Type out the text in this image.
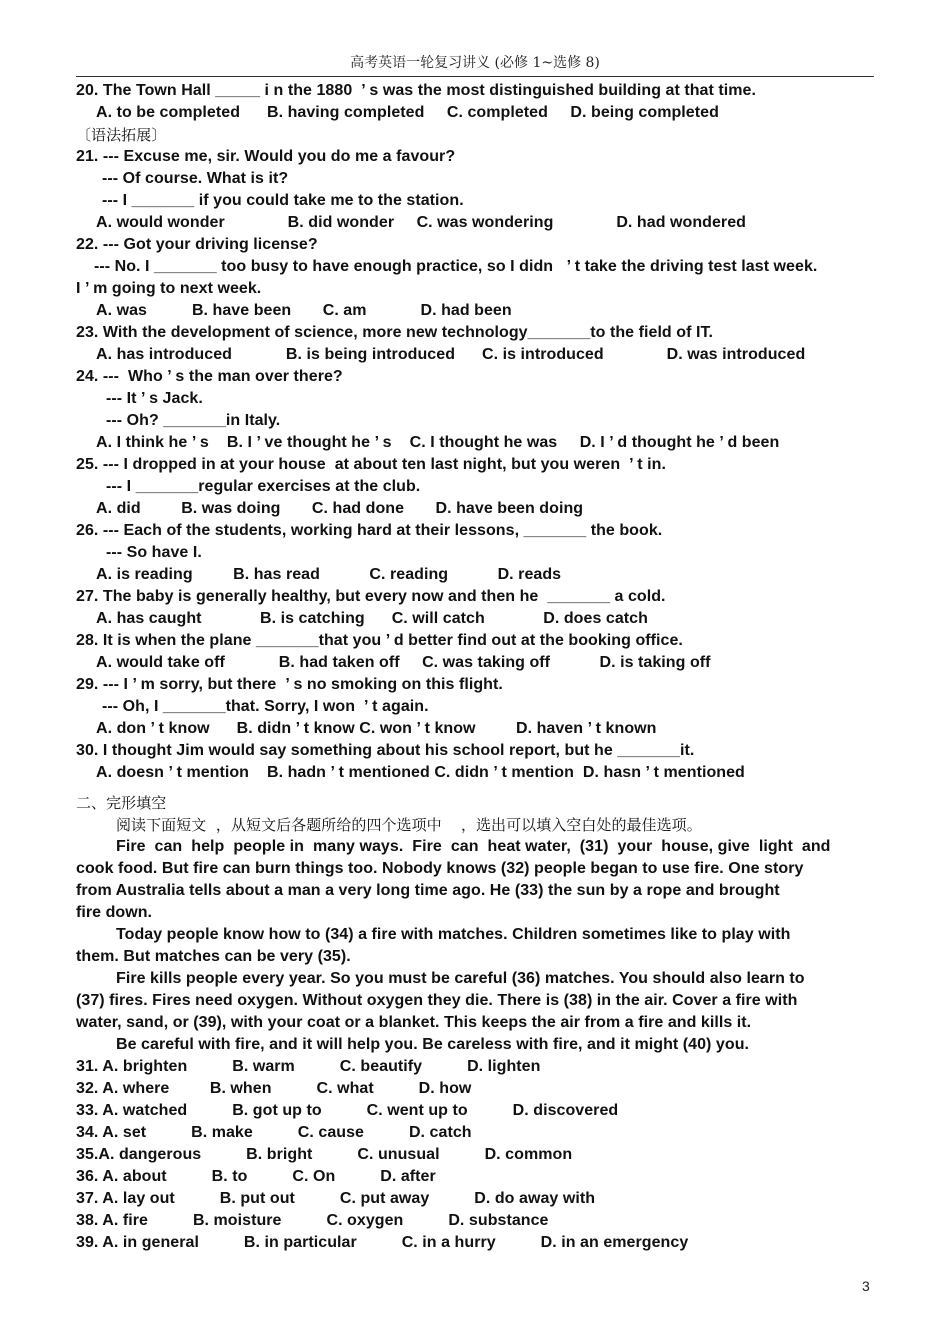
高考英语一轮复习讲义 (必修 1~选修 8)
20. The Town Hall _____ i n the 1880  ’ s was the most distinguished building at that time.
A. to be completed      B. having completed     C. completed     D. being completed
〔语法拓展〕
21. --- Excuse me, sir. Would you do me a favour?
--- Of course. What is it?
--- I _______ if you could take me to the station.
A. would wonder              B. did wonder     C. was wondering              D. had wondered
22. --- Got your driving license?
--- No. I _______ too busy to have enough practice, so I didn   ’ t take the driving test last week.
I ’ m going to next week.
A. was          B. have been       C. am            D. had been
23. With the development of science, more new technology_______to the field of IT.
A. has introduced            B. is being introduced      C. is introduced              D. was introduced
24. ---  Who ’ s the man over there?
--- It ’ s Jack.
--- Oh? _______in Italy.
A. I think he ’ s    B. I ’ ve thought he ’ s    C. I thought he was     D. I ’ d thought he ’ d been
25. --- I dropped in at your house  at about ten last night, but you weren  ’ t in.
--- I _______regular exercises at the club.
A. did         B. was doing       C. had done       D. have been doing
26. --- Each of the students, working hard at their lessons, _______ the book.
--- So have I.
A. is reading         B. has read           C. reading           D. reads
27. The baby is generally healthy, but every now and then he  _______ a cold.
A. has caught             B. is catching      C. will catch             D. does catch
28. It is when the plane _______that you ’ d better find out at the booking office.
A. would take off            B. had taken off     C. was taking off           D. is taking off
29. --- I ’ m sorry, but there  ’ s no smoking on this flight.
--- Oh, I _______that. Sorry, I won  ’ t again.
A. don ’ t know      B. didn ’ t know C. won ’ t know         D. haven ’ t known
30. I thought Jim would say something about his school report, but he _______it.
A. doesn ’ t mention    B. hadn ’ t mentioned C. didn ’ t mention  D. hasn ’ t mentioned
二、完形填空
阅读下面短文  ，从短文后各题所给的四个选项中    ，选出可以填入空白处的最佳选项。
Fire  can  help  people in  many ways.  Fire  can  heat water,  (31)  your  house, give  light  and
cook food. But fire can burn things too. Nobody knows (32) people began to use fire. One story
from Australia tells about a man a very long time ago. He (33) the sun by a rope and brought
fire down.
Today people know how to (34) a fire with matches. Children sometimes like to play with
them. But matches can be very (35).
Fire kills people every year. So you must be careful (36) matches. You should also learn to
(37) fires. Fires need oxygen. Without oxygen they die. There is (38) in the air. Cover a fire with
water, sand, or (39), with your coat or a blanket. This keeps the air from a fire and kills it.
Be careful with fire, and it will help you. Be careless with fire, and it might (40) you.
31. A. brighten          B. warm          C. beautify          D. lighten
32. A. where         B. when          C. what          D. how
33. A. watched          B. got up to          C. went up to          D. discovered
34. A. set          B. make          C. cause          D. catch
35.A. dangerous          B. bright          C. unusual          D. common
36. A. about          B. to          C. On          D. after
37. A. lay out          B. put out          C. put away          D. do away with
38. A. fire          B. moisture          C. oxygen          D. substance
39. A. in general          B. in particular          C. in a hurry          D. in an emergency
3
